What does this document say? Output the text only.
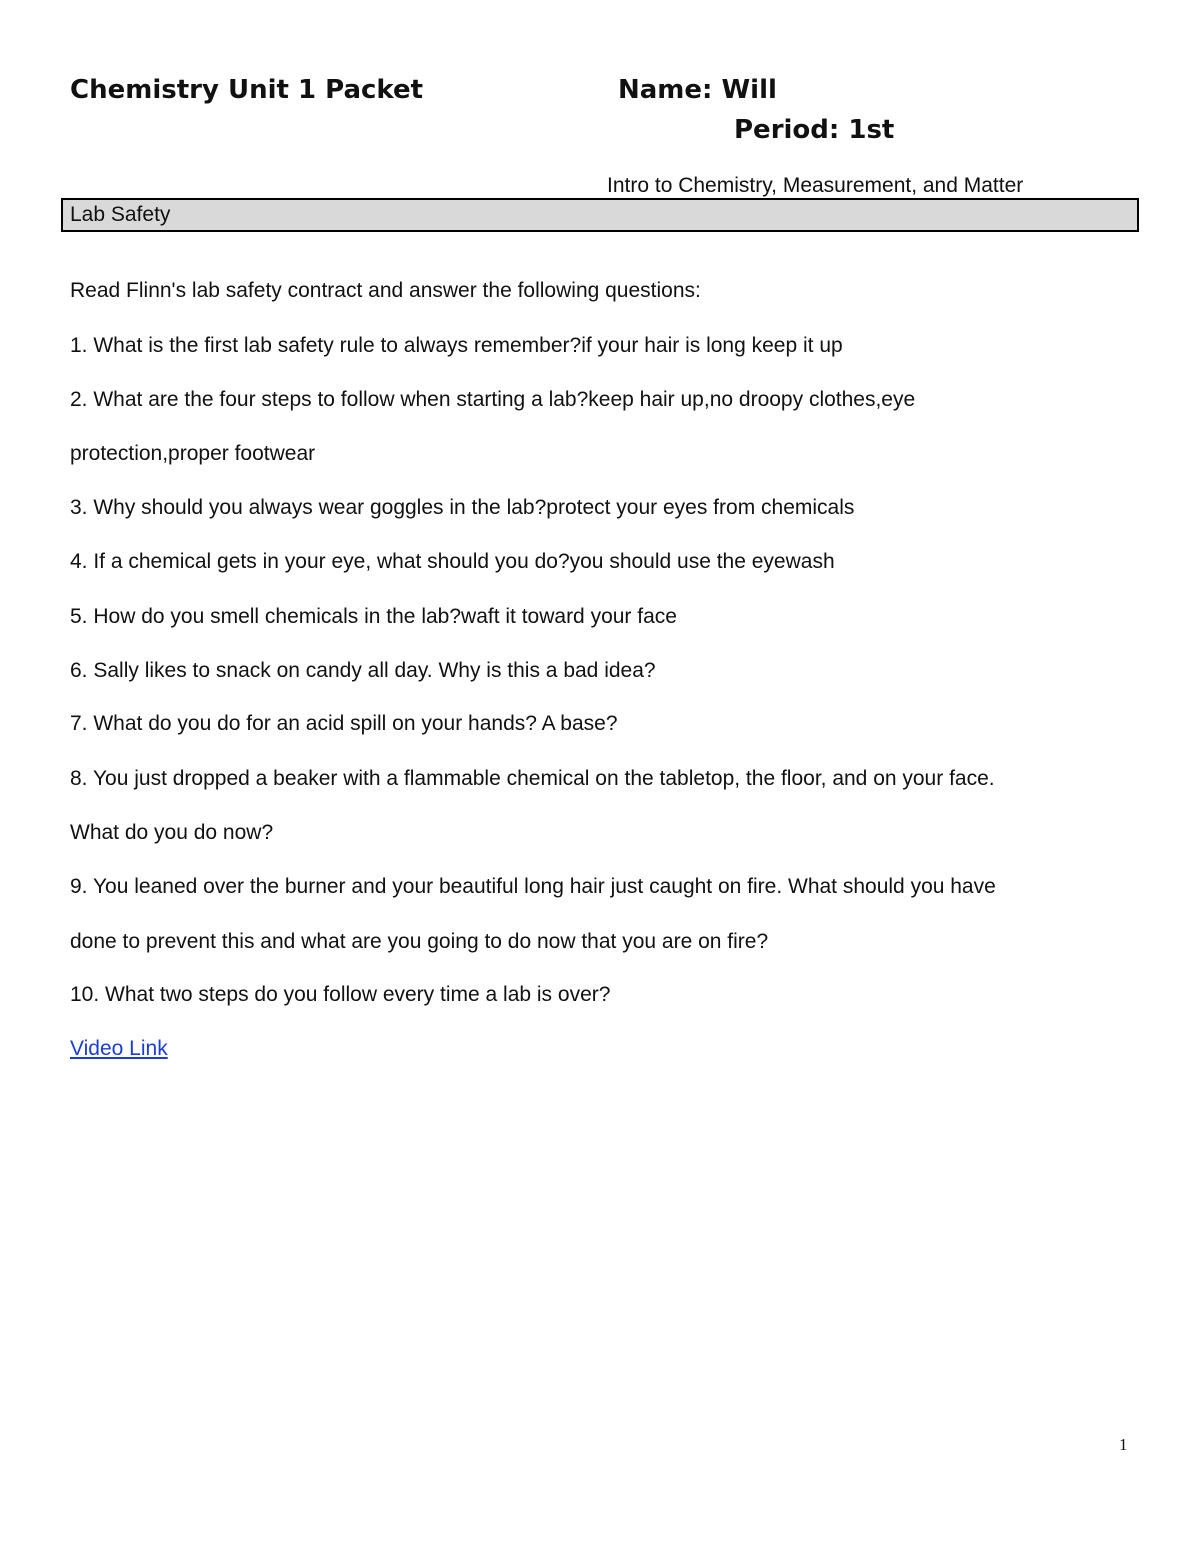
Chemistry Unit 1 Packet	Name: Will
Period: 1st
Intro to Chemistry, Measurement, and Matter
Lab Safety
Read Flinn's lab safety contract and answer the following questions:
1. What is the first lab safety rule to always remember?if your hair is long keep it up
2. What are the four steps to follow when starting a lab?keep hair up,no droopy clothes,eye
protection,proper footwear
3. Why should you always wear goggles in the lab?protect your eyes from chemicals
4. If a chemical gets in your eye, what should you do?you should use the eyewash
5. How do you smell chemicals in the lab?waft it toward your face
6. Sally likes to snack on candy all day. Why is this a bad idea?
7. What do you do for an acid spill on your hands? A base?
8. You just dropped a beaker with a flammable chemical on the tabletop, the floor, and on your face.
What do you do now?
9. You leaned over the burner and your beautiful long hair just caught on fire. What should you have
done to prevent this and what are you going to do now that you are on fire?
10. What two steps do you follow every time a lab is over?
Video Link
1
